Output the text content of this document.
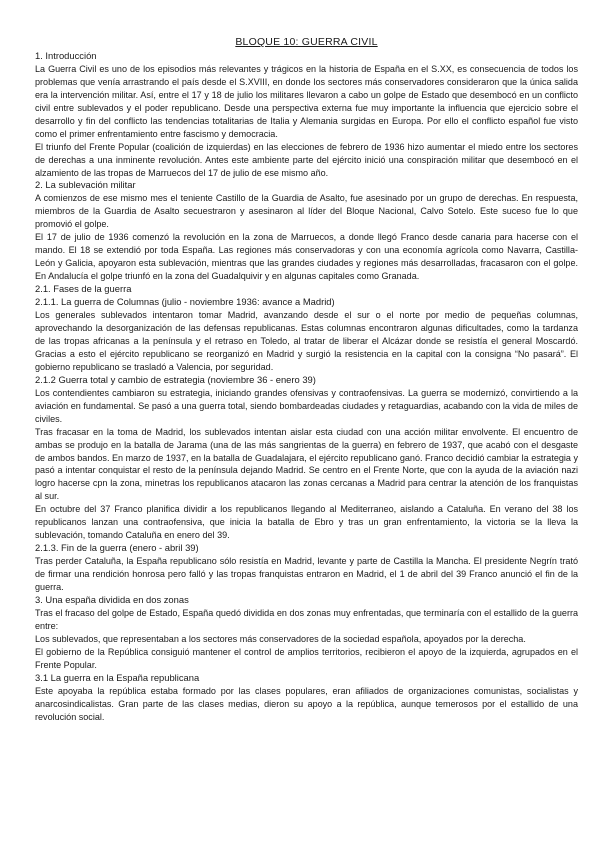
BLOQUE 10: GUERRA CIVIL
1. Introducción

La Guerra Civil es uno de los episodios más relevantes y trágicos en la historia de España en el S.XX, es consecuencia de todos los problemas que venía arrastrando el país desde el S.XVIII, en donde los sectores más conservadores consideraron que la única salida era la intervención militar. Así, entre el 17 y 18 de julio los militares llevaron a cabo un golpe de Estado que desembocó en un conflicto civil entre sublevados y el poder republicano. Desde una perspectiva externa fue muy importante la influencia que ejercicio sobre el desarrollo y fin del conflicto las tendencias totalitarias de Italia y Alemania surgidas en Europa. Por ello el conflicto español fue visto como el primer enfrentamiento entre fascismo y democracia.

El triunfo del Frente Popular (coalición de izquierdas) en las elecciones de febrero de 1936 hizo aumentar el miedo entre los sectores de derechas a una inminente revolución. Antes este ambiente parte del ejército inició una conspiración militar que desembocó en el alzamiento de las tropas de Marruecos del 17 de julio de ese mismo año.

2. La sublevación militar

A comienzos de ese mismo mes el teniente Castillo de la Guardia de Asalto, fue asesinado por un grupo de derechas. En respuesta, miembros de la Guardia de Asalto secuestraron y asesinaron al líder del Bloque Nacional, Calvo Sotelo. Este suceso fue lo que promovió el golpe.

El 17 de julio de 1936 comenzó la revolución en la zona de Marruecos, a donde llegó Franco desde canaria para hacerse con el mando. El 18 se extendió por toda España. Las regiones más conservadoras y con una economía agrícola como Navarra, Castilla-León y Galicia, apoyaron esta sublevación, mientras que las grandes ciudades y regiones más desarrolladas, fracasaron con el golpe. En Andalucía el golpe triunfó en la zona del Guadalquivir y en algunas capitales como Granada.

2.1. Fases de la guerra
2.1.1. La guerra de Columnas (julio - noviembre 1936: avance a Madrid)

Los generales sublevados intentaron tomar Madrid, avanzando desde el sur o el norte por medio de pequeñas columnas, aprovechando la desorganización de las defensas republicanas. Estas columnas encontraron algunas dificultades, como la tardanza de las tropas africanas a la península y el retraso en Toledo, al tratar de liberar el Alcázar donde se resistía el general Moscardó. Gracias a esto el ejército republicano se reorganizó en Madrid y surgió la resistencia en la capital con la consigna “No pasará”. El gobierno republicano se trasladó a Valencia, por seguridad.

2.1.2 Guerra total y cambio de estrategia (noviembre 36 - enero 39)

Los contendientes cambiaron su estrategia, iniciando grandes ofensivas y contraofensivas. La guerra se modernizó, convirtiendo a la aviación en fundamental. Se pasó a una guerra total, siendo bombardeadas ciudades y retaguardias, acabando con la vida de miles de civiles.

Tras fracasar en la toma de Madrid, los sublevados intentan aislar esta ciudad con una acción militar envolvente. El encuentro de ambas se produjo en la batalla de Jarama (una de las más sangrientas de la guerra) en febrero de 1937, que acabó con el desgaste de ambos bandos. En marzo de 1937, en la batalla de Guadalajara, el ejército republicano ganó. Franco decidió cambiar la estrategia y pasó a intentar conquistar el resto de la península dejando Madrid. Se centro en el Frente Norte, que con la ayuda de la aviación nazi logro hacerse cpn la zona, minetras los republicanos atacaron las zonas cercanas a Madrid para centrar la atención de los franquistas al sur.

En octubre del 37 Franco planifica dividir a los republicanos llegando al Mediterraneo, aislando a Cataluña. En verano del 38 los republicanos lanzan una contraofensiva, que inicia la batalla de Ebro y tras un gran enfrentamiento, la victoria se la lleva la sublevación, tomando Cataluña en enero del 39.

2.1.3. Fin de la guerra (enero - abril 39)

Tras perder Cataluña, la España republicano sólo resistía en Madrid, levante y parte de Castilla la Mancha. El presidente Negrín trató de firmar una rendición honrosa pero falló y las tropas franquistas entraron en Madrid, el 1 de abril del 39 Franco anunció el fin de la guerra.

3. Una españa dividida en dos zonas

Tras el fracaso del golpe de Estado, España quedó dividida en dos zonas muy enfrentadas, que terminaría con el estallido de la guerra entre:

Los sublevados, que representaban a los sectores más conservadores de la sociedad española, apoyados por la derecha.

El gobierno de la República consiguió mantener el control de amplios territorios, recibieron el apoyo de la izquierda, agrupados en el Frente Popular.

3.1 La guerra en la España republicana

Este apoyaba la república estaba formado por las clases populares, eran afiliados de organizaciones comunistas, socialistas y anarcosindicalistas. Gran parte de las clases medias, dieron su apoyo a la república, aunque temerosos por el estallido de una revolución social.
